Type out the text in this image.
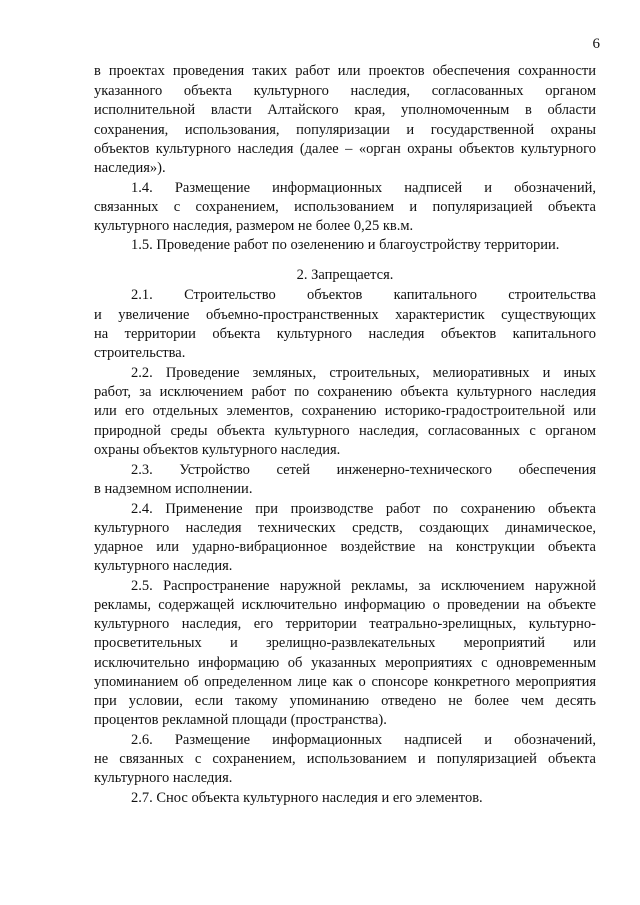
6
в проектах проведения таких работ или проектов обеспечения сохранности
указанного объекта культурного наследия, согласованных органом
исполнительной власти Алтайского края, уполномоченным в области
сохранения, использования, популяризации и государственной охраны
объектов культурного наследия (далее – «орган охраны объектов культурного
наследия»).
1.4. Размещение информационных надписей и обозначений,
связанных с сохранением, использованием и популяризацией объекта
культурного наследия, размером не более 0,25 кв.м.
1.5. Проведение работ по озеленению и благоустройству территории.
2. Запрещается.
2.1. Строительство объектов капитального строительства
и увеличение объемно-пространственных характеристик существующих
на территории объекта культурного наследия объектов капитального
строительства.
2.2. Проведение земляных, строительных, мелиоративных и иных
работ, за исключением работ по сохранению объекта культурного наследия
или его отдельных элементов, сохранению историко-градостроительной или
природной среды объекта культурного наследия, согласованных с органом
охраны объектов культурного наследия.
2.3. Устройство сетей инженерно-технического обеспечения
в надземном исполнении.
2.4. Применение при производстве работ по сохранению объекта
культурного наследия технических средств, создающих динамическое,
ударное или ударно-вибрационное воздействие на конструкции объекта
культурного наследия.
2.5. Распространение наружной рекламы, за исключением наружной
рекламы, содержащей исключительно информацию о проведении на объекте
культурного наследия, его территории театрально-зрелищных, культурно-
просветительных и зрелищно-развлекательных мероприятий или
исключительно информацию об указанных мероприятиях с одновременным
упоминанием об определенном лице как о спонсоре конкретного мероприятия
при условии, если такому упоминанию отведено не более чем десять
процентов рекламной площади (пространства).
2.6. Размещение информационных надписей и обозначений,
не связанных с сохранением, использованием и популяризацией объекта
культурного наследия.
2.7. Снос объекта культурного наследия и его элементов.
